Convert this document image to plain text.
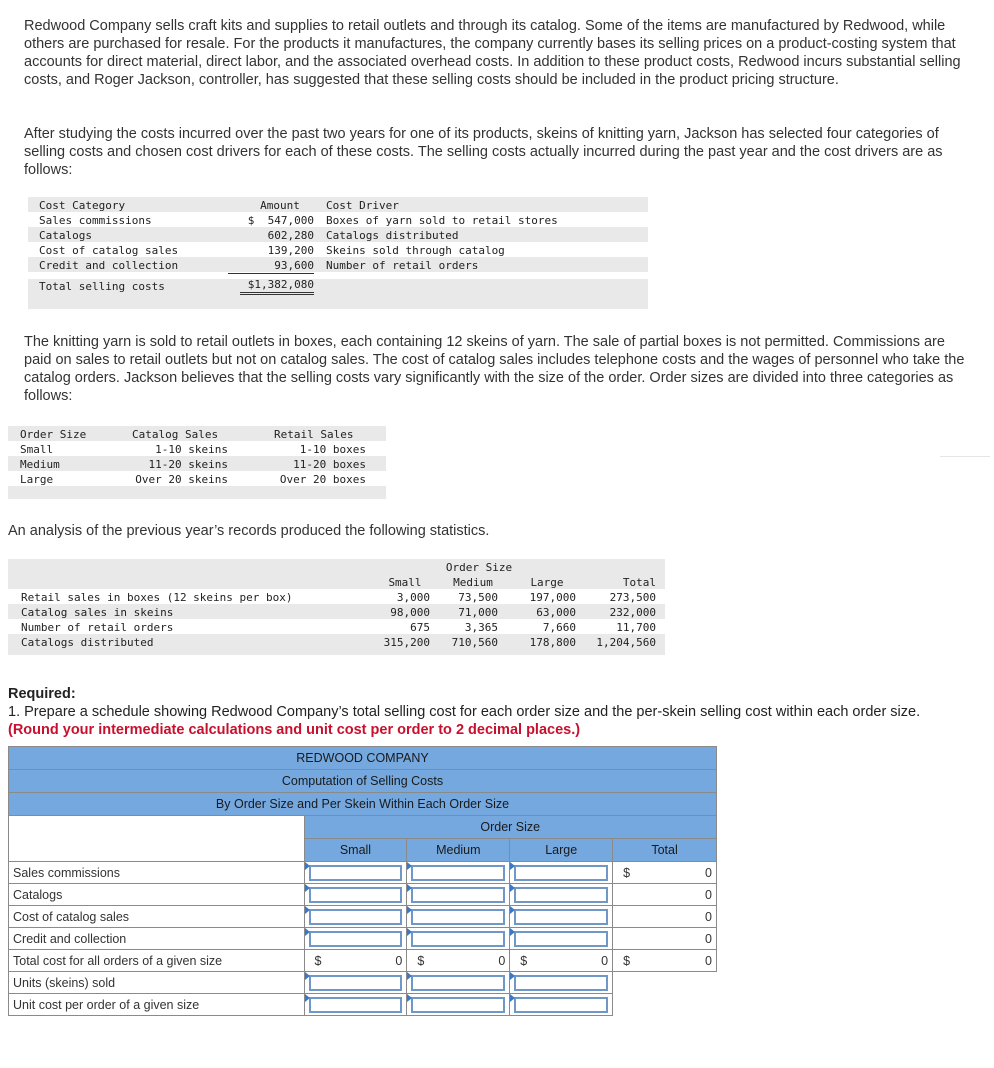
Redwood Company sells craft kits and supplies to retail outlets and through its catalog. Some of the items are manufactured by Redwood, while others are purchased for resale. For the products it manufactures, the company currently bases its selling prices on a product-costing system that accounts for direct material, direct labor, and the associated overhead costs. In addition to these product costs, Redwood incurs substantial selling costs, and Roger Jackson, controller, has suggested that these selling costs should be included in the product pricing structure.
After studying the costs incurred over the past two years for one of its products, skeins of knitting yarn, Jackson has selected four categories of selling costs and chosen cost drivers for each of these costs. The selling costs actually incurred during the past year and the cost drivers are as follows:
Cost Category	Amount	Cost Driver
Sales commissions	$  547,000 Boxes of yarn sold to retail stores
Catalogs	602,280 Catalogs distributed
Cost of catalog sales	139,200 Skeins sold through catalog
Credit and collection	93,600 Number of retail orders
Total selling costs	$1,382,080
The knitting yarn is sold to retail outlets in boxes, each containing 12 skeins of yarn. The sale of partial boxes is not permitted. Commissions are paid on sales to retail outlets but not on catalog sales. The cost of catalog sales includes telephone costs and the wages of personnel who take the catalog orders. Jackson believes that the selling costs vary significantly with the size of the order. Order sizes are divided into three categories as follows:
Order Size	Catalog Sales	Retail Sales
Small	1-10 skeins	1-10 boxes
Medium	11-20 skeins	11-20 boxes
Large	Over 20 skeins	Over 20 boxes
An analysis of the previous year’s records produced the following statistics.
Order Size
Small	Medium	Large	Total
Retail sales in boxes (12 skeins per box)	3,000	73,500	197,000	273,500
Catalog sales in skeins	98,000	71,000	63,000	232,000
Number of retail orders	675	3,365	7,660	11,700
Catalogs distributed	315,200	710,560	178,800	1,204,560
Required:
1. Prepare a schedule showing Redwood Company’s total selling cost for each order size and the per-skein selling cost within each order size. (Round your intermediate calculations and unit cost per order to 2 decimal places.)
REDWOOD COMPANY				
Computation of Selling Costs				
By Order Size and Per Skein Within Each Order Size				
	Order Size			
	Small	Medium	Large	Total
Sales commissions				$ 0

Catalogs				0
Cost of catalog sales				0
Credit and collection				0
Total cost for all orders of a given size	$ 0	$ 0	$ 0	$ 0

Units (skeins) sold	

Unit cost per order of a given size	
